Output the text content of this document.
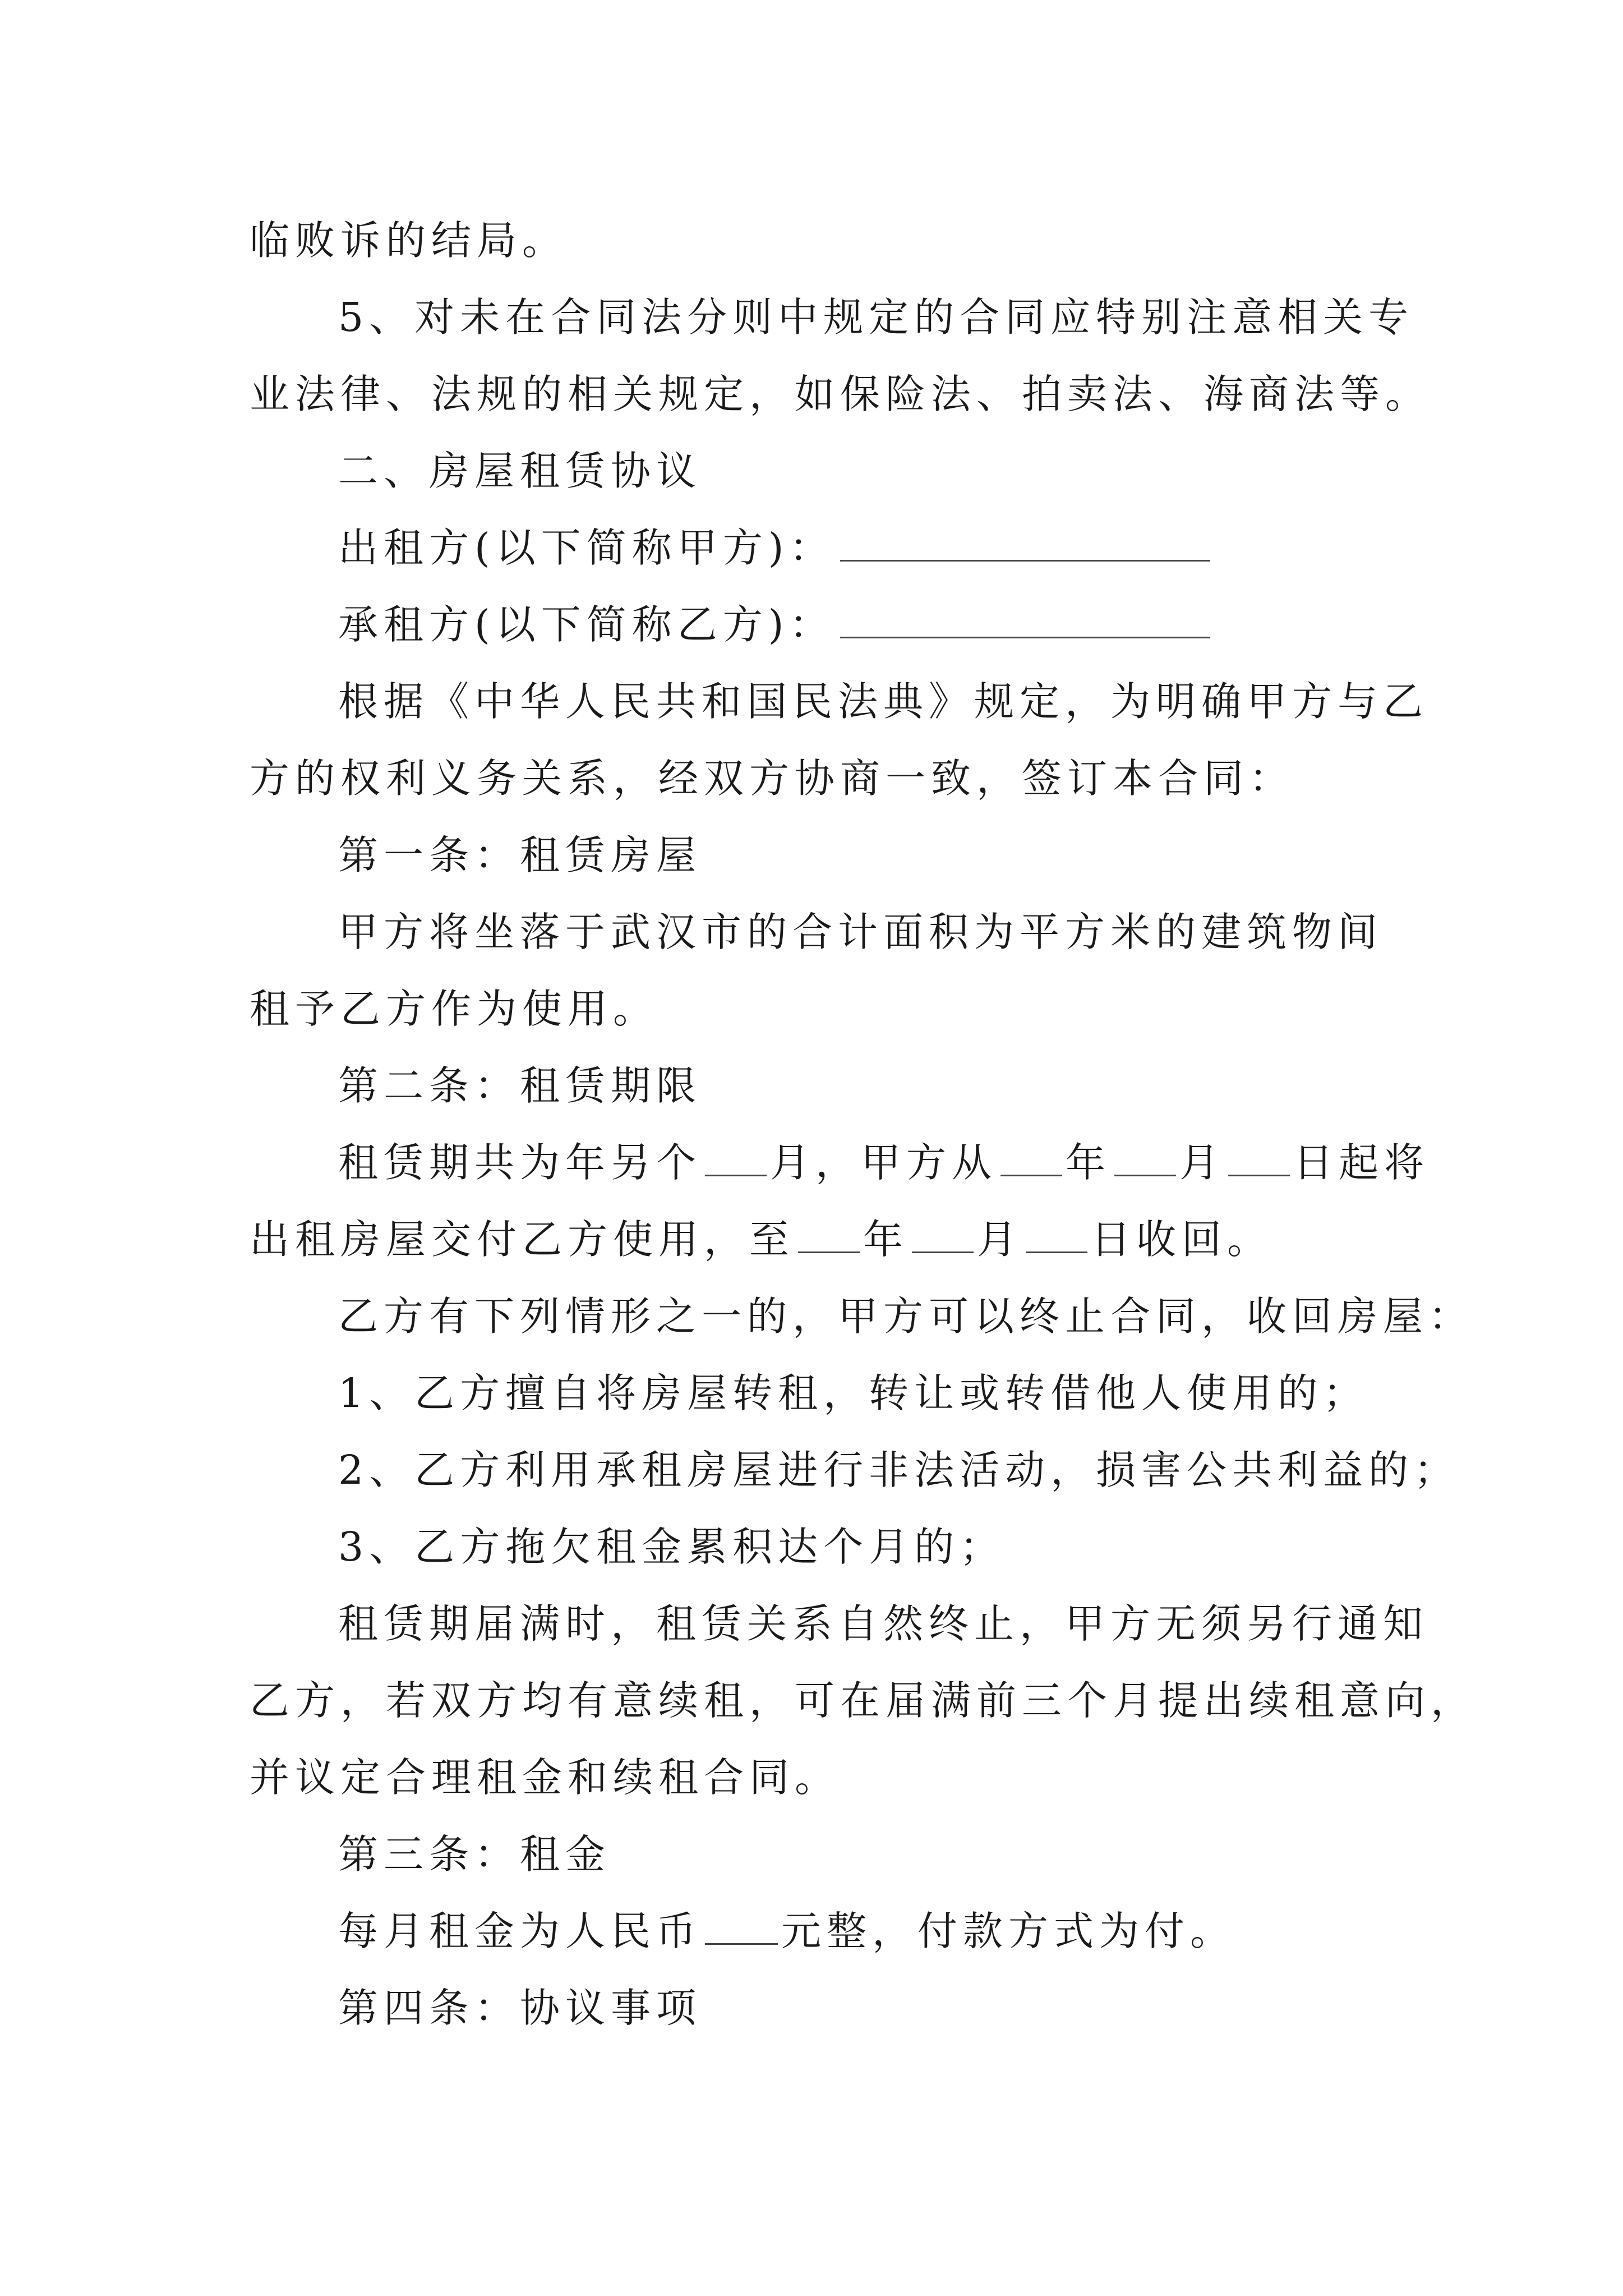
临败诉的结局。
5、对未在合同法分则中规定的合同应特别注意相关专
业法律、法规的相关规定，如保险法、拍卖法、海商法等。
二、房屋租赁协议
出租方(以下简称甲方)：
承租方(以下简称乙方)：
根据《中华人民共和国民法典》规定，为明确甲方与乙
方的权利义务关系，经双方协商一致，签订本合同：
第一条：租赁房屋
甲方将坐落于武汉市的合计面积为平方米的建筑物间
租予乙方作为使用。
第二条：租赁期限
租赁期共为年另个 月，甲方从 年 月 日起将
出租房屋交付乙方使用，至 年 月 日收回。
乙方有下列情形之一的，甲方可以终止合同，收回房屋：
1、乙方擅自将房屋转租，转让或转借他人使用的；
2、乙方利用承租房屋进行非法活动，损害公共利益的；
3、乙方拖欠租金累积达个月的；
租赁期届满时，租赁关系自然终止，甲方无须另行通知
乙方，若双方均有意续租，可在届满前三个月提出续租意向，
并议定合理租金和续租合同。
第三条：租金
每月租金为人民币 元整，付款方式为付。
第四条：协议事项
